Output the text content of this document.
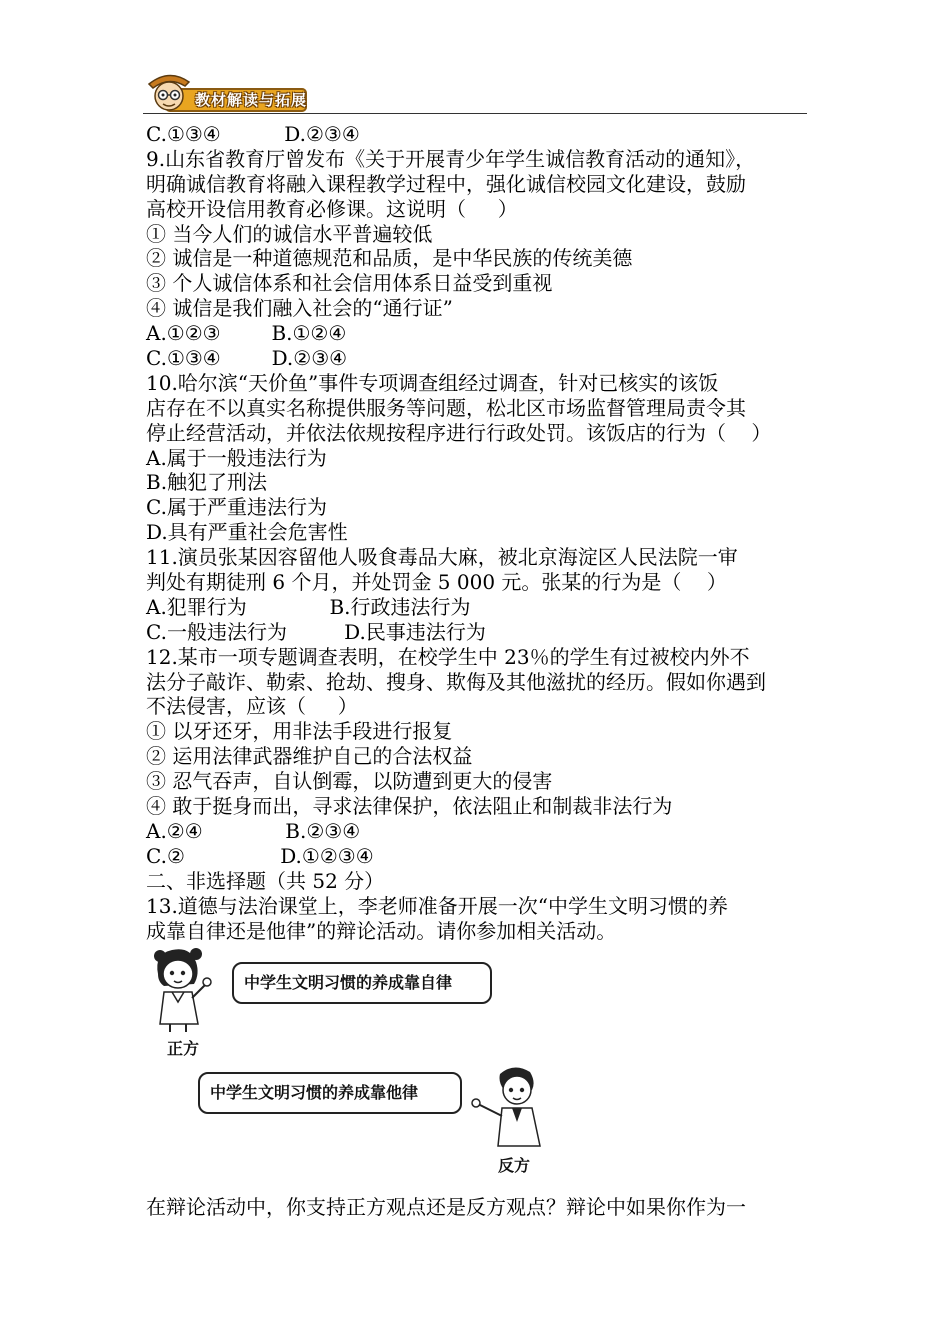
教材解读与拓展
C.①③④          D.②③④
9.山东省教育厅曾发布《关于开展青少年学生诚信教育活动的通知》，
明确诚信教育将融入课程教学过程中，强化诚信校园文化建设，鼓励
高校开设信用教育必修课。这说明（     ）
① 当今人们的诚信水平普遍较低
② 诚信是一种道德规范和品质，是中华民族的传统美德
③ 个人诚信体系和社会信用体系日益受到重视
④ 诚信是我们融入社会的“通行证”
A.①②③        B.①②④
C.①③④        D.②③④
10.哈尔滨“天价鱼”事件专项调查组经过调查，针对已核实的该饭
店存在不以真实名称提供服务等问题，松北区市场监督管理局责令其
停止经营活动，并依法依规按程序进行行政处罚。该饭店的行为（    ）
A.属于一般违法行为
B.触犯了刑法
C.属于严重违法行为
D.具有严重社会危害性
11.演员张某因容留他人吸食毒品大麻，被北京海淀区人民法院一审
判处有期徒刑 6 个月，并处罚金 5 000 元。张某的行为是（    ）
A.犯罪行为             B.行政违法行为
C.一般违法行为         D.民事违法行为
12.某市一项专题调查表明，在校学生中 23％的学生有过被校内外不
法分子敲诈、勒索、抢劫、搜身、欺侮及其他滋扰的经历。假如你遇到
不法侵害，应该（     ）
① 以牙还牙，用非法手段进行报复
② 运用法律武器维护自己的合法权益
③ 忍气吞声，自认倒霉，以防遭到更大的侵害
④ 敢于挺身而出，寻求法律保护，依法阻止和制裁非法行为
A.②④             B.②③④
C.②               D.①②③④
二、非选择题（共 52 分）
13.道德与法治课堂上，李老师准备开展一次“中学生文明习惯的养
成靠自律还是他律”的辩论活动。请你参加相关活动。
中学生文明习惯的养成靠自律
正方
中学生文明习惯的养成靠他律
反方
在辩论活动中，你支持正方观点还是反方观点？辩论中如果你作为一
